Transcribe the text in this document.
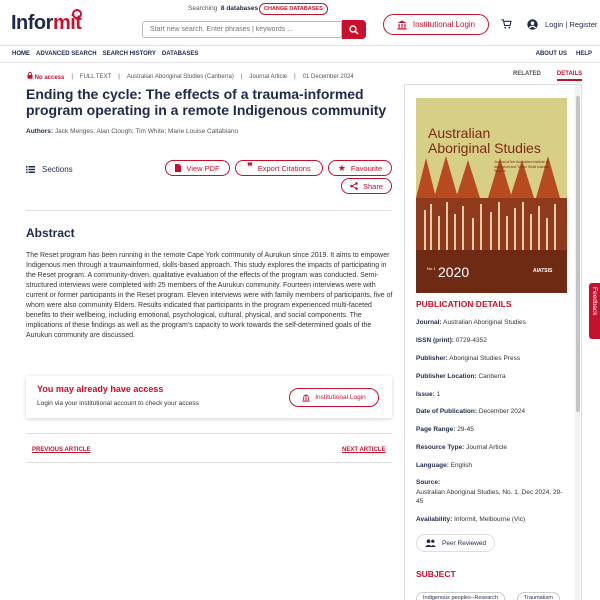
Informit
Searching 8 databases	CHANGE DATABASES
Start new search. Enter phrases | keywords ...
Institutional Login	Login | Register
HOME ADVANCED SEARCH SEARCH HISTORY DATABASES	ABOUT US HELP
No access | FULL TEXT | Australian Aboriginal Studies (Canberra) | Journal Article | 01 December 2024
Ending the cycle: The effects of a trauma-informed program operating in a remote Indigenous community
Authors: Jack Menges; Alan Clough; Tim White; Marie Louise Caltabiano
Sections	View PDF	❞ Export Citations	★ Favourite
Share
Abstract
The Reset program has been running in the remote Cape York community of Aurukun since 2019. It aims to empower Indigenous men through a traumainformed, skills-based approach. This study explores the impacts of participating in the Reset program. A community-driven, qualitative evaluation of the effects of the program was conducted. Semi-structured interviews were completed with 25 members of the Aurukun community. Fourteen interviews were with current or former participants in the Reset program. Eleven interviews were with family members of participants, five of whom were also community Elders. Results indicated that participants in the program experienced multi-faceted benefits to their wellbeing, including emotional, psychological, cultural, physical, and social components. The implications of these findings as well as the program's capacity to work towards the self-determined goals of the Aurukun community are discussed.
You may already have access
Login via your institutional account to check your access
Institutional Login
PREVIOUS ARTICLE	NEXT ARTICLE
RELATED	DETAILS
Australian
Aboriginal Studies
Journal of the Australian Institute of Aboriginal and Torres Strait Islander Studies
No.1 2020	AIATSIS
PUBLICATION DETAILS
Journal: Australian Aboriginal Studies
ISSN (print): 0729-4352
Publisher: Aboriginal Studies Press
Publisher Location: Canberra
Issue: 1
Date of Publication: December 2024
Page Range: 29-45
Resource Type: Journal Article
Language: English
Source:
Australian Aboriginal Studies, No. 1, Dec 2024, 29-45
Availability: Informit, Melbourne (Vic)
Peer Reviewed
SUBJECT
Indigenous peoples--Research	Traumatism
Feedback
